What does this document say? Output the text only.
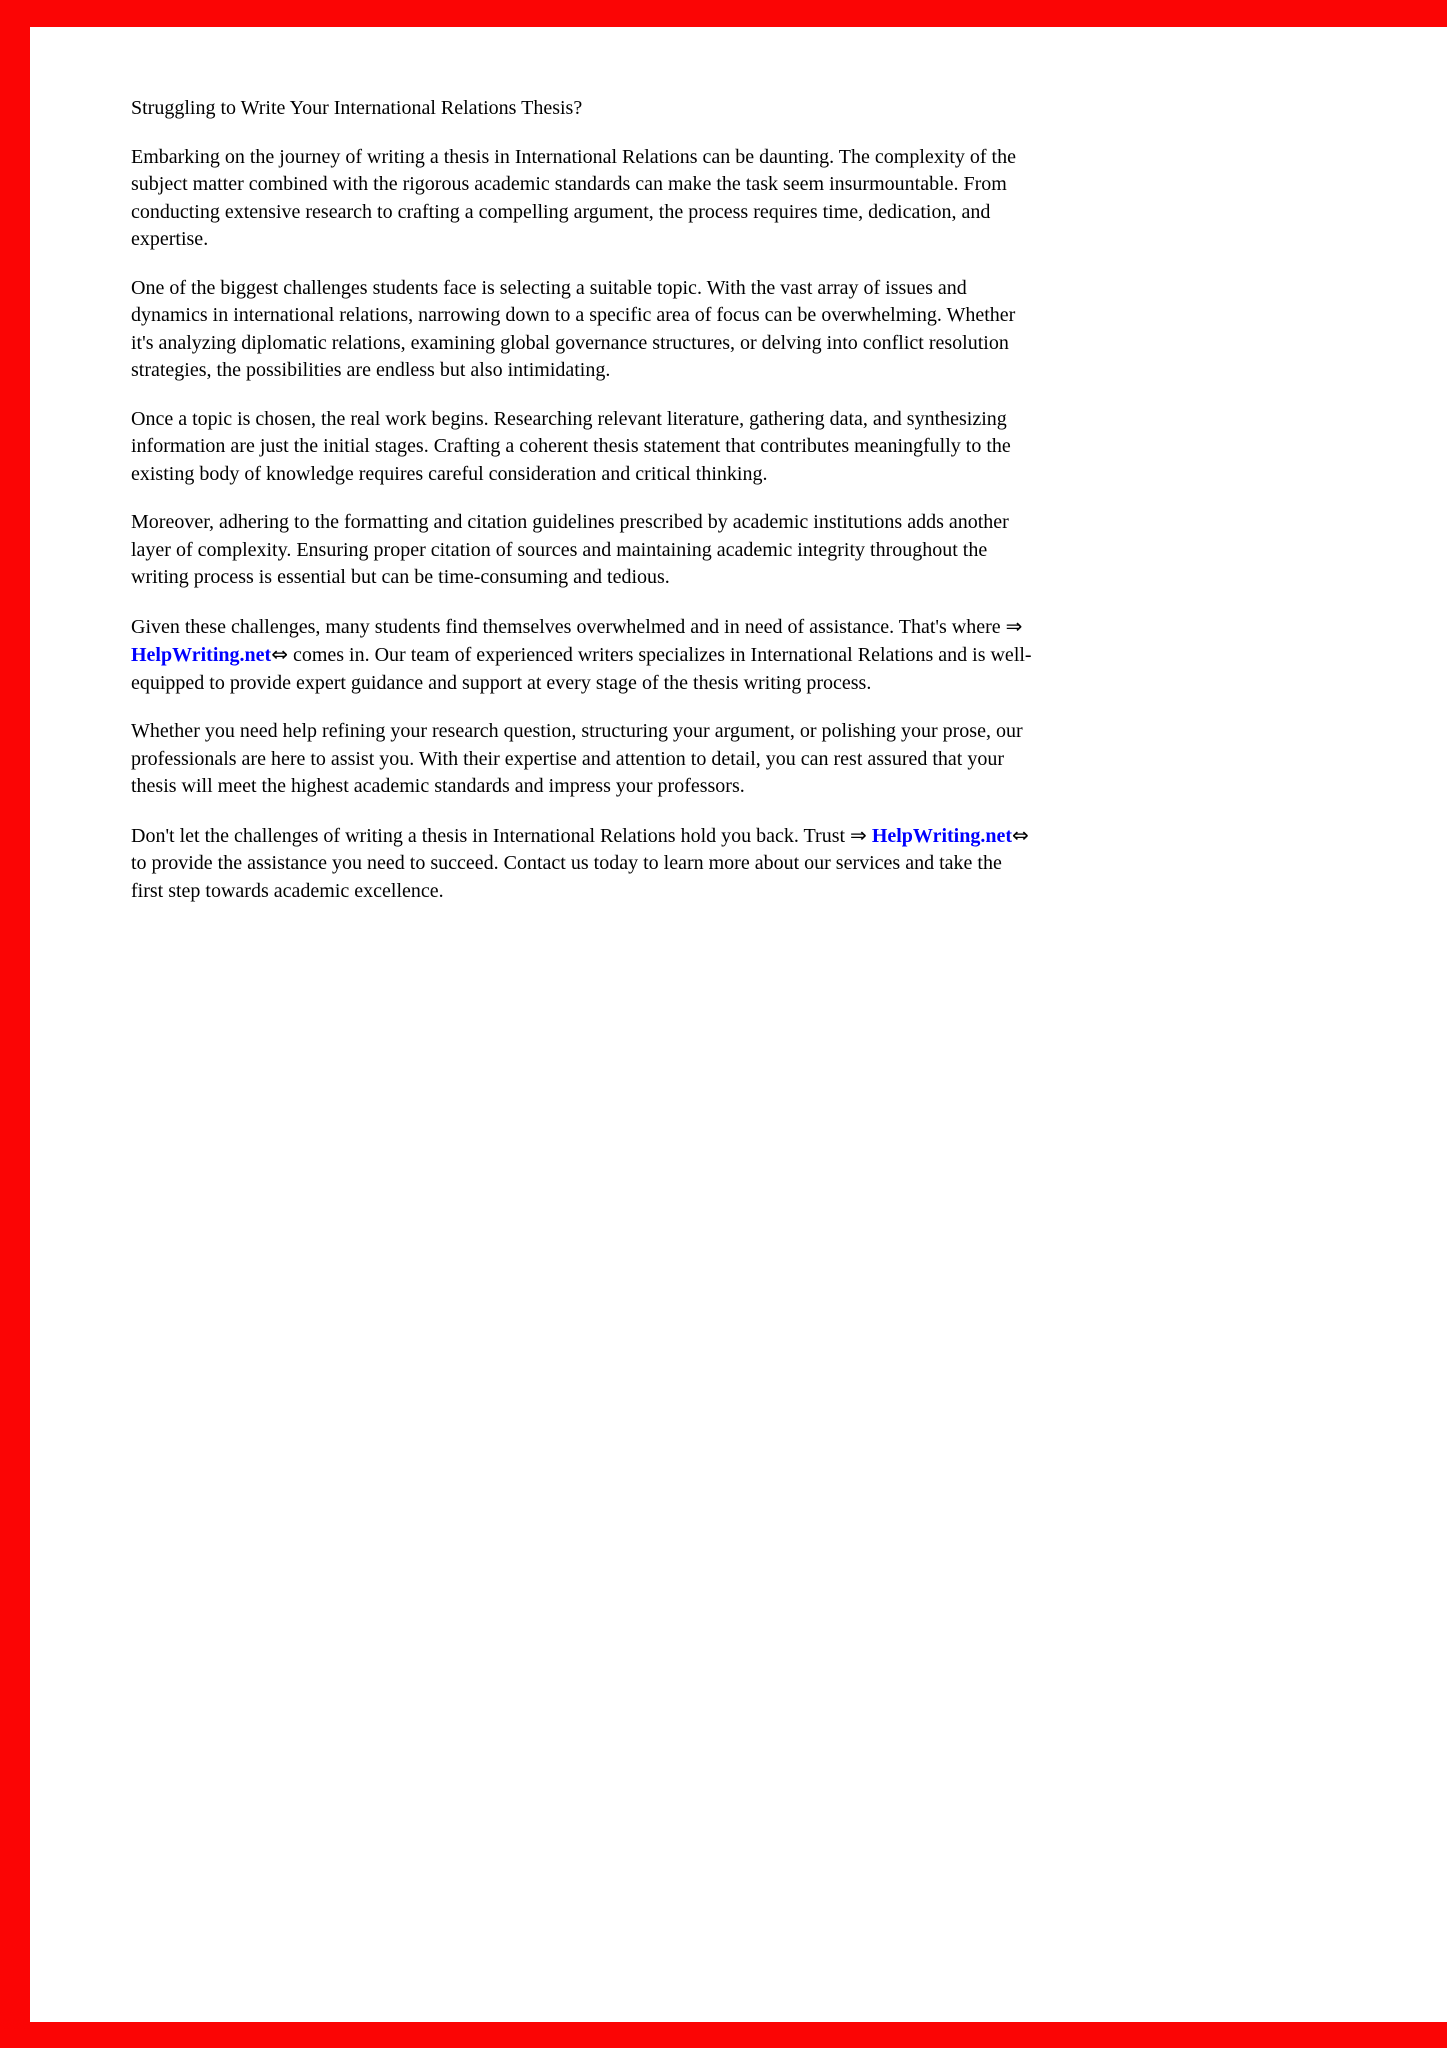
Struggling to Write Your International Relations Thesis?

Embarking on the journey of writing a thesis in International Relations can be daunting. The complexity of the subject matter combined with the rigorous academic standards can make the task seem insurmountable. From conducting extensive research to crafting a compelling argument, the process requires time, dedication, and expertise.

One of the biggest challenges students face is selecting a suitable topic. With the vast array of issues and dynamics in international relations, narrowing down to a specific area of focus can be overwhelming. Whether it's analyzing diplomatic relations, examining global governance structures, or delving into conflict resolution strategies, the possibilities are endless but also intimidating.

Once a topic is chosen, the real work begins. Researching relevant literature, gathering data, and synthesizing information are just the initial stages. Crafting a coherent thesis statement that contributes meaningfully to the existing body of knowledge requires careful consideration and critical thinking.

Moreover, adhering to the formatting and citation guidelines prescribed by academic institutions adds another layer of complexity. Ensuring proper citation of sources and maintaining academic integrity throughout the writing process is essential but can be time-consuming and tedious.

Given these challenges, many students find themselves overwhelmed and in need of assistance. That's where ⇒ HelpWriting.net⇔ comes in. Our team of experienced writers specializes in International Relations and is well-equipped to provide expert guidance and support at every stage of the thesis writing process.

Whether you need help refining your research question, structuring your argument, or polishing your prose, our professionals are here to assist you. With their expertise and attention to detail, you can rest assured that your thesis will meet the highest academic standards and impress your professors.

Don't let the challenges of writing a thesis in International Relations hold you back. Trust ⇒ HelpWriting.net⇔ to provide the assistance you need to succeed. Contact us today to learn more about our services and take the first step towards academic excellence.
